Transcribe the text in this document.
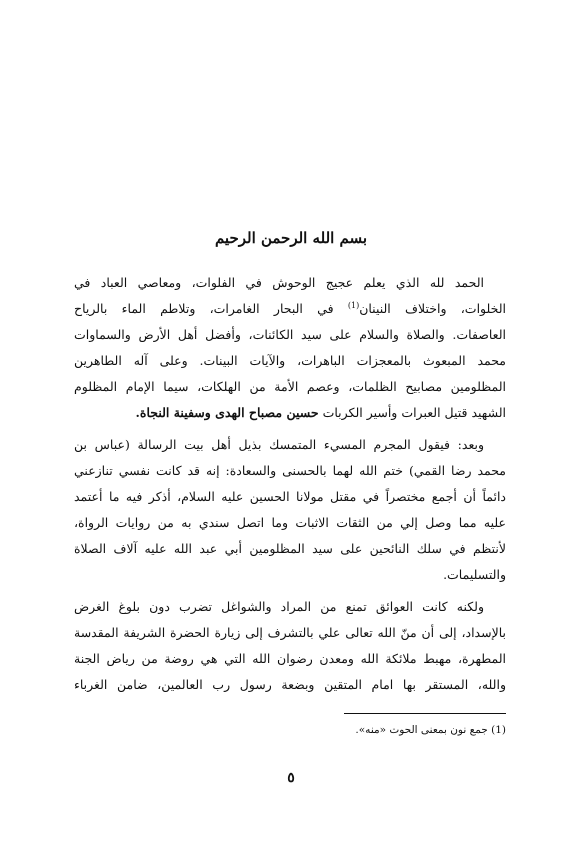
بسم الله الرحمن الرحيم

الحمد لله الذي يعلم عجيج الوحوش في الفلوات، ومعاصي العباد في
الخلوات، واختلاف النينان$^{(1)}$ في البحار الغامرات، وتلاطم الماء بالرياح
العاصفات. والصلاة والسلام على سيد الكائنات، وأفضل أهل الأرض والسماوات
محمد المبعوث بالمعجزات الباهرات، والآيات البينات. وعلى آله الطاهرين
المظلومين مصابيح الظلمات، وعصم الأمة من الهلكات، سيما الإمام المظلوم
الشهيد قتيل العبرات وأسير الكربات حسين مصباح الهدى وسفينة النجاة.

وبعد: فيقول المجرم المسيء المتمسك بذيل أهل بيت الرسالة (عباس بن
محمد رضا القمي) ختم الله لهما بالحسنى والسعادة: إنه قد كانت نفسي تنازعني
دائماً أن أجمع مختصراً في مقتل مولانا الحسين عليه السلام، أذكر فيه ما أعتمد
عليه مما وصل إلي من الثقات الاثبات وما اتصل سندي به من روايات الرواة،
لأنتظم في سلك النائحين على سيد المظلومين أبي عبد الله عليه آلاف الصلاة
والتسليمات.

ولكنه كانت العوائق تمنع من المراد والشواغل تضرب دون بلوغ الغرض
بالإسداد، إلى أن منّ الله تعالى علي بالتشرف إلى زيارة الحضرة الشريفة المقدسة
المطهرة، مهبط ملائكة الله ومعدن رضوان الله التي هي روضة من رياض الجنة
والله، المستقر بها امام المتقين وبضعة رسول رب العالمين، ضامن الغرباء

(1) جمع نون بمعنى الحوت «منه».
٥
